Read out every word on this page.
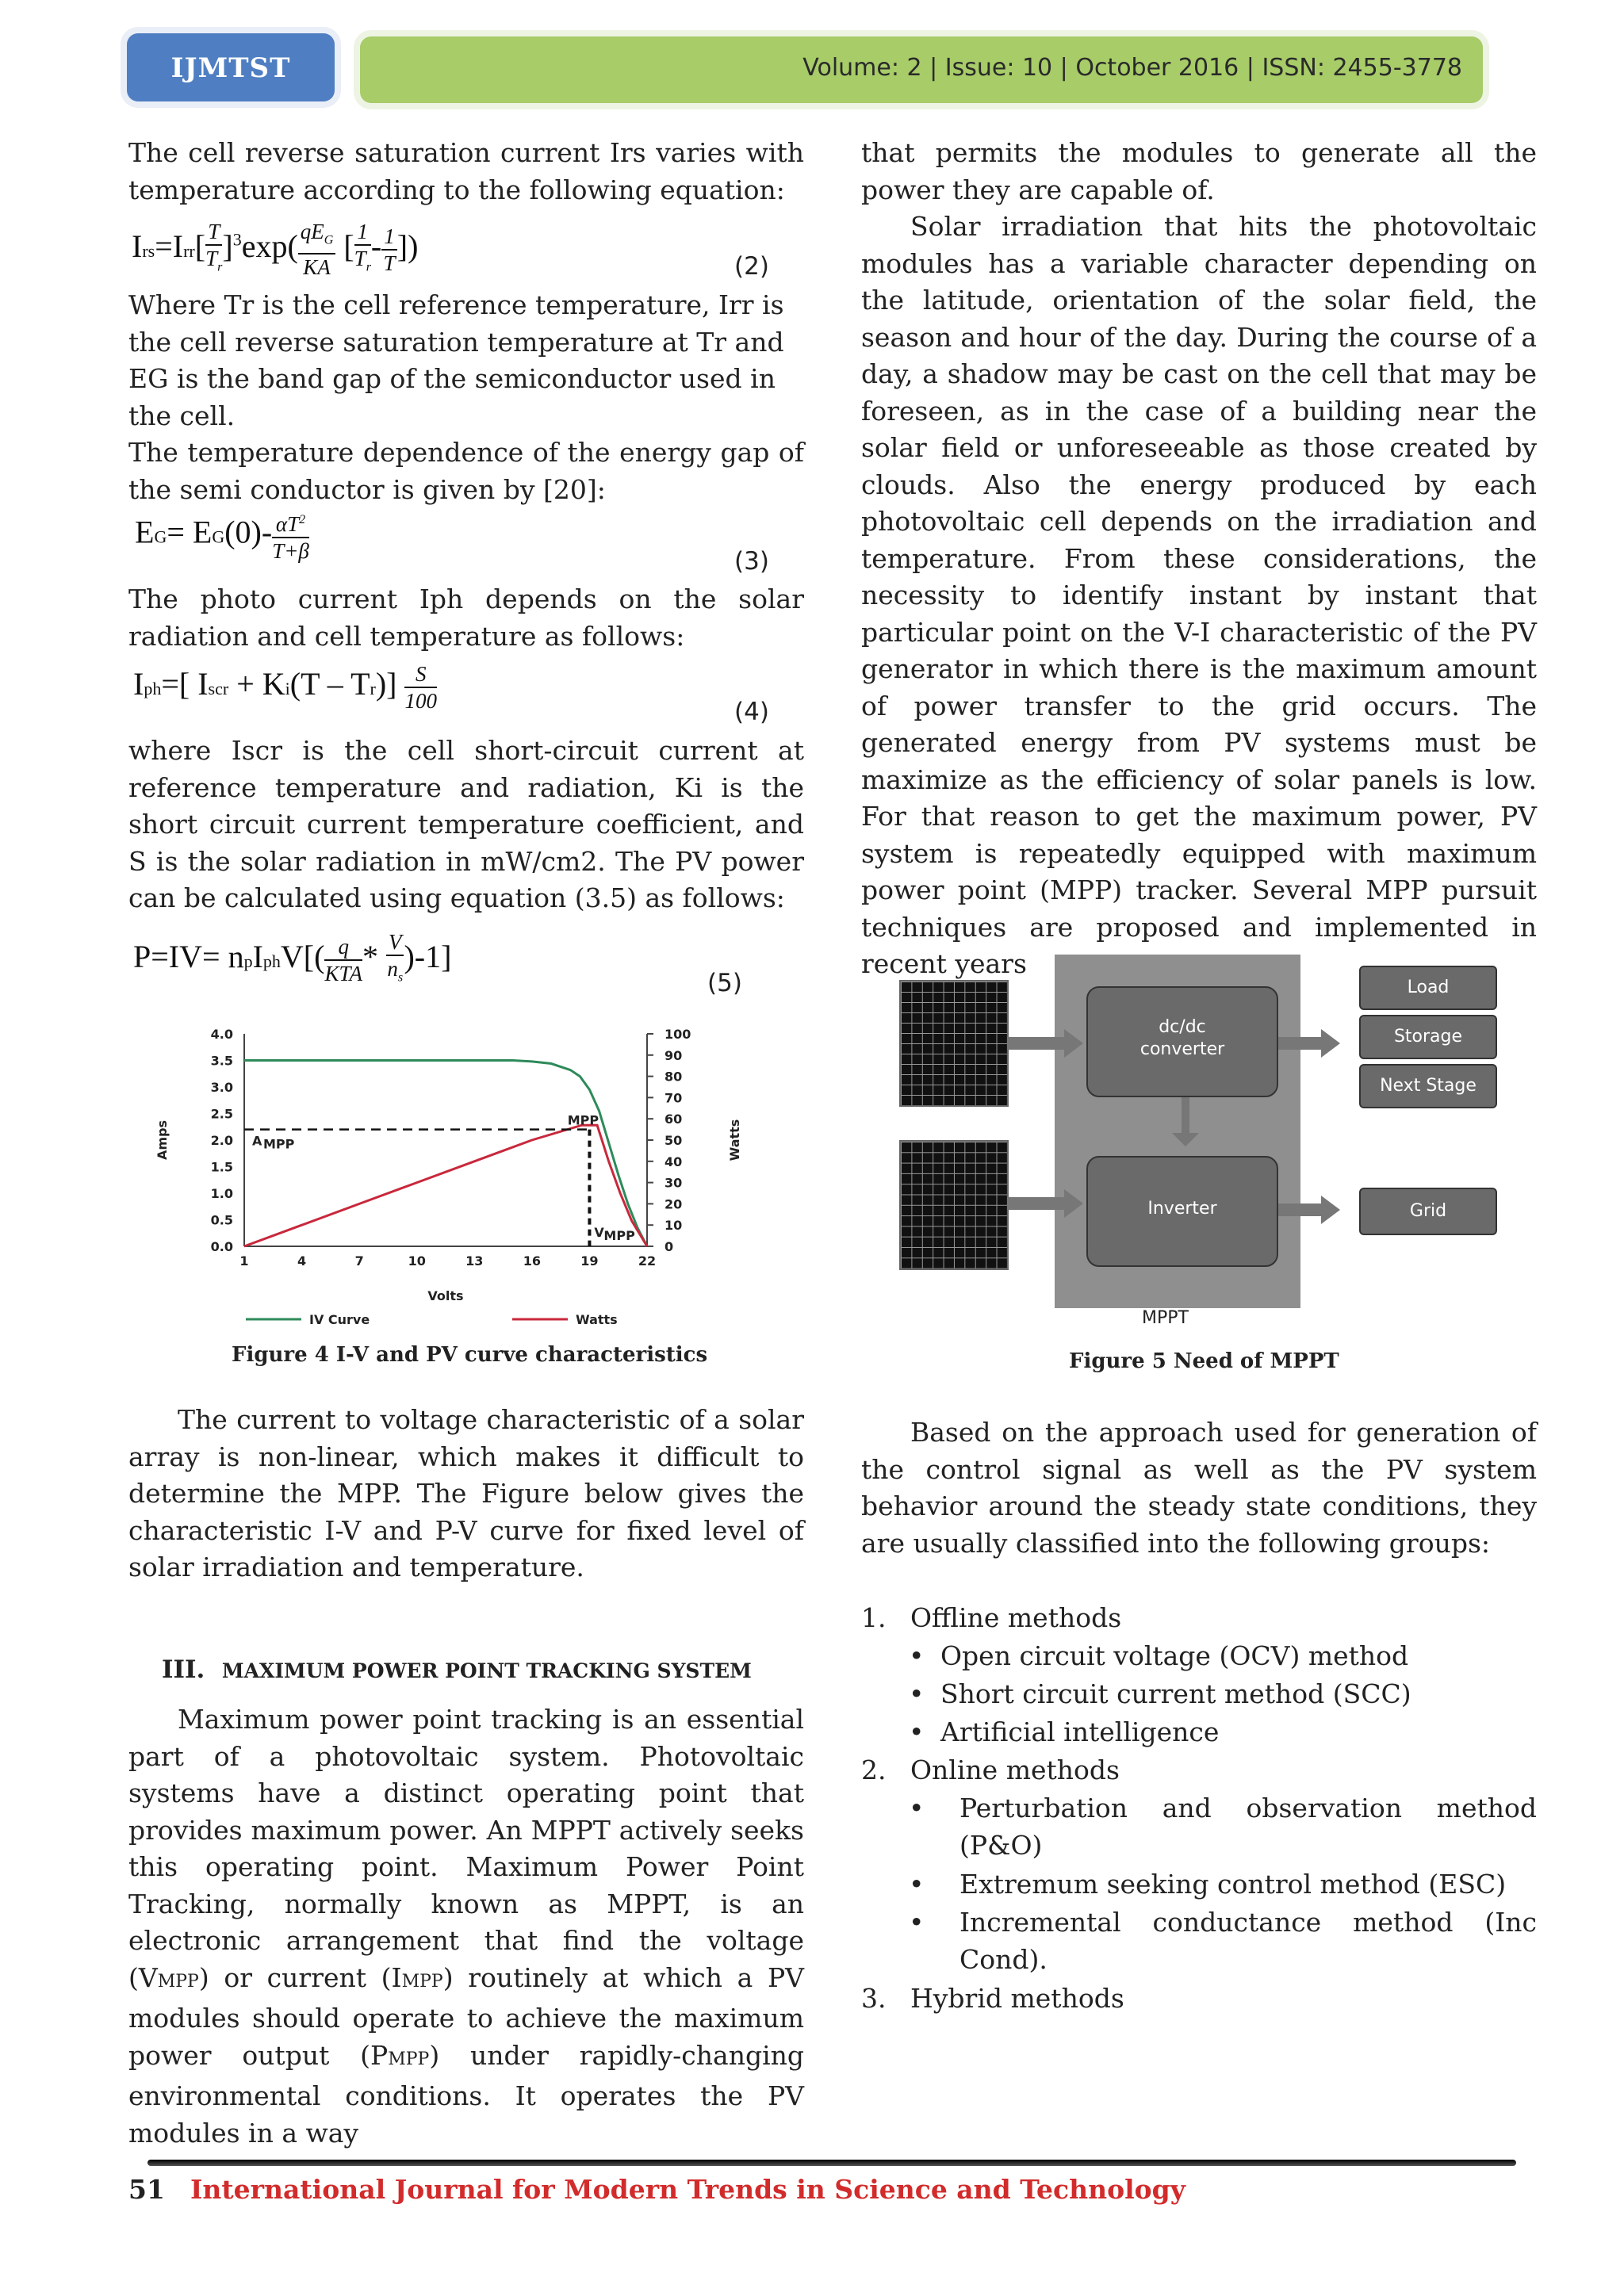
IJMTST	Volume: 2 | Issue: 10 | October 2016 | ISSN: 2455-3778

The cell reverse saturation current Irs varies with temperature according to the following equation:

$Irs=Irr[ \frac{T}{T_r} ]^3\exp( \frac{qE_G}{KA}$ [ $\frac{1}{T_r} - \frac{1}{T}$ ])
(2)

Where Tr is the cell reference temperature, Irr is the cell reverse saturation temperature at Tr and EG is the band gap of the semiconductor used in the cell.

The temperature dependence of the energy gap of the semi conductor is given by [20]:

$EG= EG(0)- \frac{\alpha T^2}{T+\beta}$	(3)

The photo current Iph depends on the solar radiation and cell temperature as follows:

Iph=[ Iscr + $Ki(T - Tr)] \frac{S}{100}$	(4)

where Iscr is the cell short-circuit current at reference temperature and radiation, Ki is the short circuit current temperature coefficient, and S is the solar radiation in mW/cm2. The PV power can be calculated using equation (3.5) as follows:

P=IV= npIphV[( $\frac{q}{\text{KTA}} * \frac{V}{n_s} )-1$]
(5)
0.0
0.5
1.0
1.5
2.0
2.5
3.0
3.5
4.0
0
10
20
30
40
50
60
70
80
90
100
1	4	7	10	13	16	19	22
Volts
Amps	Watts
MPP
A MPP
V MPP
IV Curve	Watts
Figure 4 I-V and PV curve characteristics

The current to voltage characteristic of a solar array is non-linear, which makes it difficult to determine the MPP. The Figure below gives the characteristic I-V and P-V curve for fixed level of solar irradiation and temperature.

III. MAXIMUM POWER POINT TRACKING SYSTEM

Maximum power point tracking is an essential part of a photovoltaic system. Photovoltaic systems have a distinct operating point that provides maximum power. An MPPT actively seeks this operating point. Maximum Power Point Tracking, normally known as MPPT, is an electronic arrangement that find the voltage (VMPP) or current (IMPP) routinely at which a PV modules should operate to achieve the maximum power output (PMPP) under rapidly-changing environmental conditions. It operates the PV modules in a way

that permits the modules to generate all the power they are capable of.

Solar irradiation that hits the photovoltaic modules has a variable character depending on the latitude, orientation of the solar field, the season and hour of the day. During the course of a day, a shadow may be cast on the cell that may be foreseen, as in the case of a building near the solar field or unforeseeable as those created by clouds. Also the energy produced by each photovoltaic cell depends on the irradiation and temperature. From these considerations, the necessity to identify instant by instant that particular point on the V-I characteristic of the PV generator in which there is the maximum amount of power transfer to the grid occurs. The generated energy from PV systems must be maximize as the efficiency of solar panels is low. For that reason to get the maximum power, PV system is repeatedly equipped with maximum power point (MPP) tracker. Several MPP pursuit techniques are proposed and implemented in recent years

dc/dc converter
Inverter
Load
Storage
Next Stage
Grid
MPPT
Figure 5 Need of MPPT

Based on the approach used for generation of the control signal as well as the PV system behavior around the steady state conditions, they are usually classified into the following groups:

1. Offline methods
• Open circuit voltage (OCV) method
• Short circuit current method (SCC)
• Artificial intelligence
2. Online methods
• Perturbation and observation method (P&O)
• Extremum seeking control method (ESC)
• Incremental conductance method (Inc Cond).
3. Hybrid methods
51 International Journal for Modern Trends in Science and Technology
